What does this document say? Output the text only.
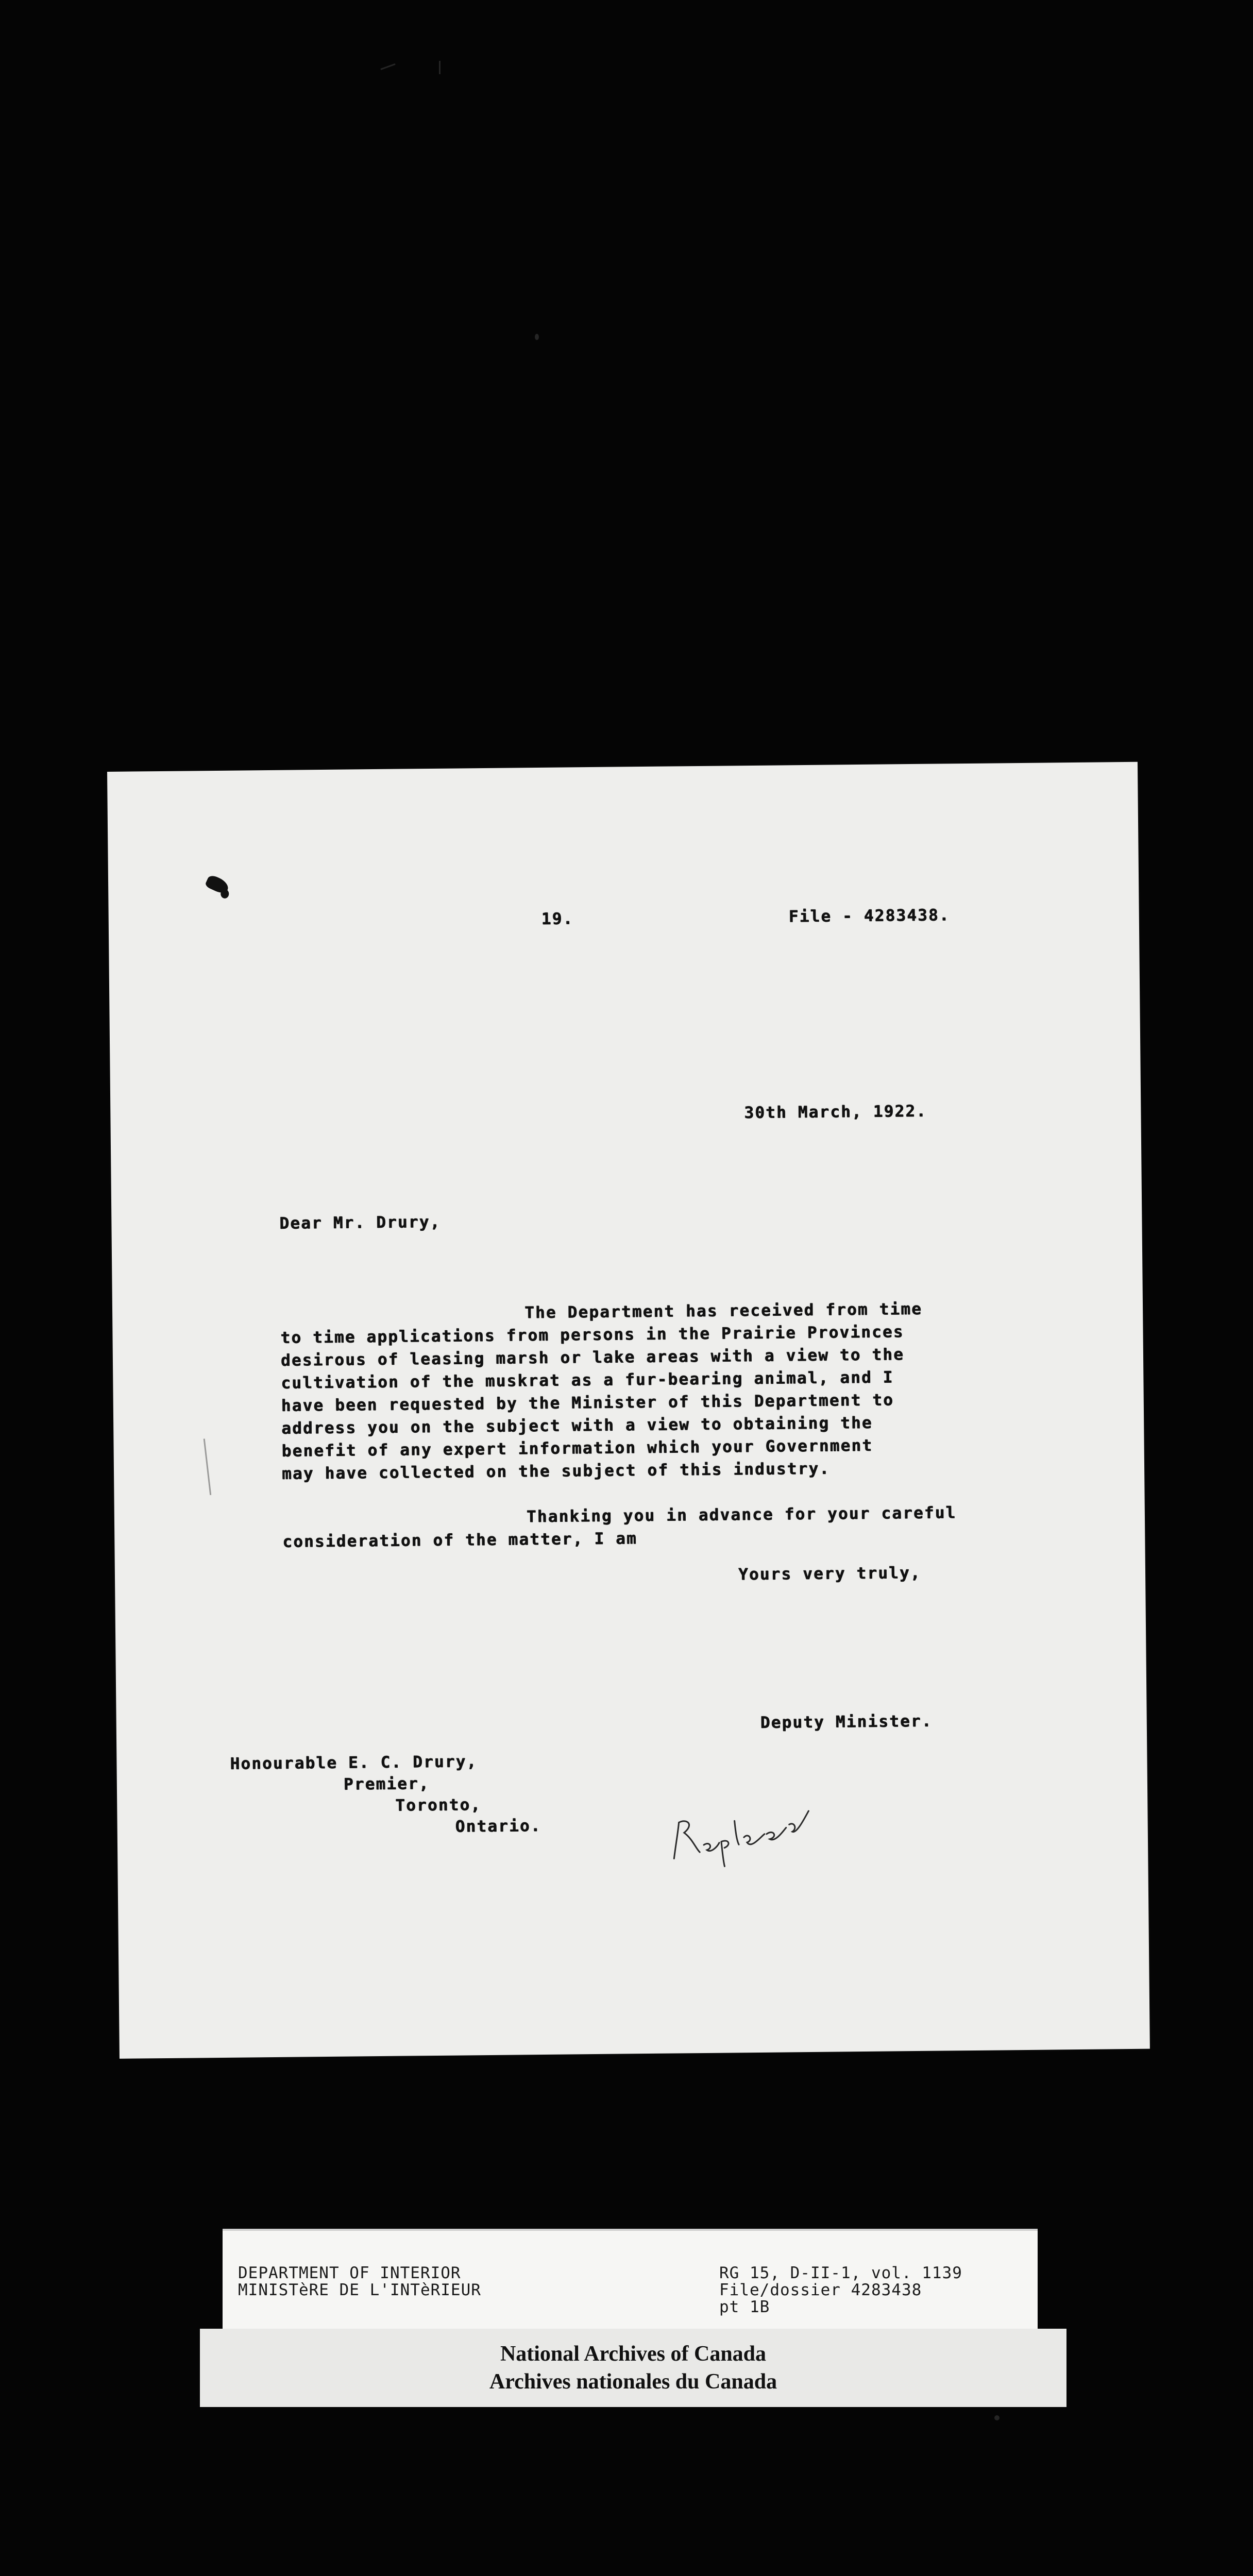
19.	File - 4283438.
30th March, 1922.
Dear Mr. Drury,
The Department has received from time
to time applications from persons in the Prairie Provinces
desirous of leasing marsh or lake areas with a view to the
cultivation of the muskrat as a fur-bearing animal, and I
have been requested by the Minister of this Department to
address you on the subject with a view to obtaining the
benefit of any expert information which your Government
may have collected on the subject of this industry.
Thanking you in advance for your careful
consideration of the matter, I am
Yours very truly,
Deputy Minister.
Honourable E. C. Drury,
Premier,
Toronto,
Ontario.
DEPARTMENT OF INTERIOR
MINISTèRE DE L'INTèRIEUR
RG 15, D-II-1, vol. 1139
File/dossier 4283438
pt 1B
National Archives of Canada
Archives nationales du Canada
